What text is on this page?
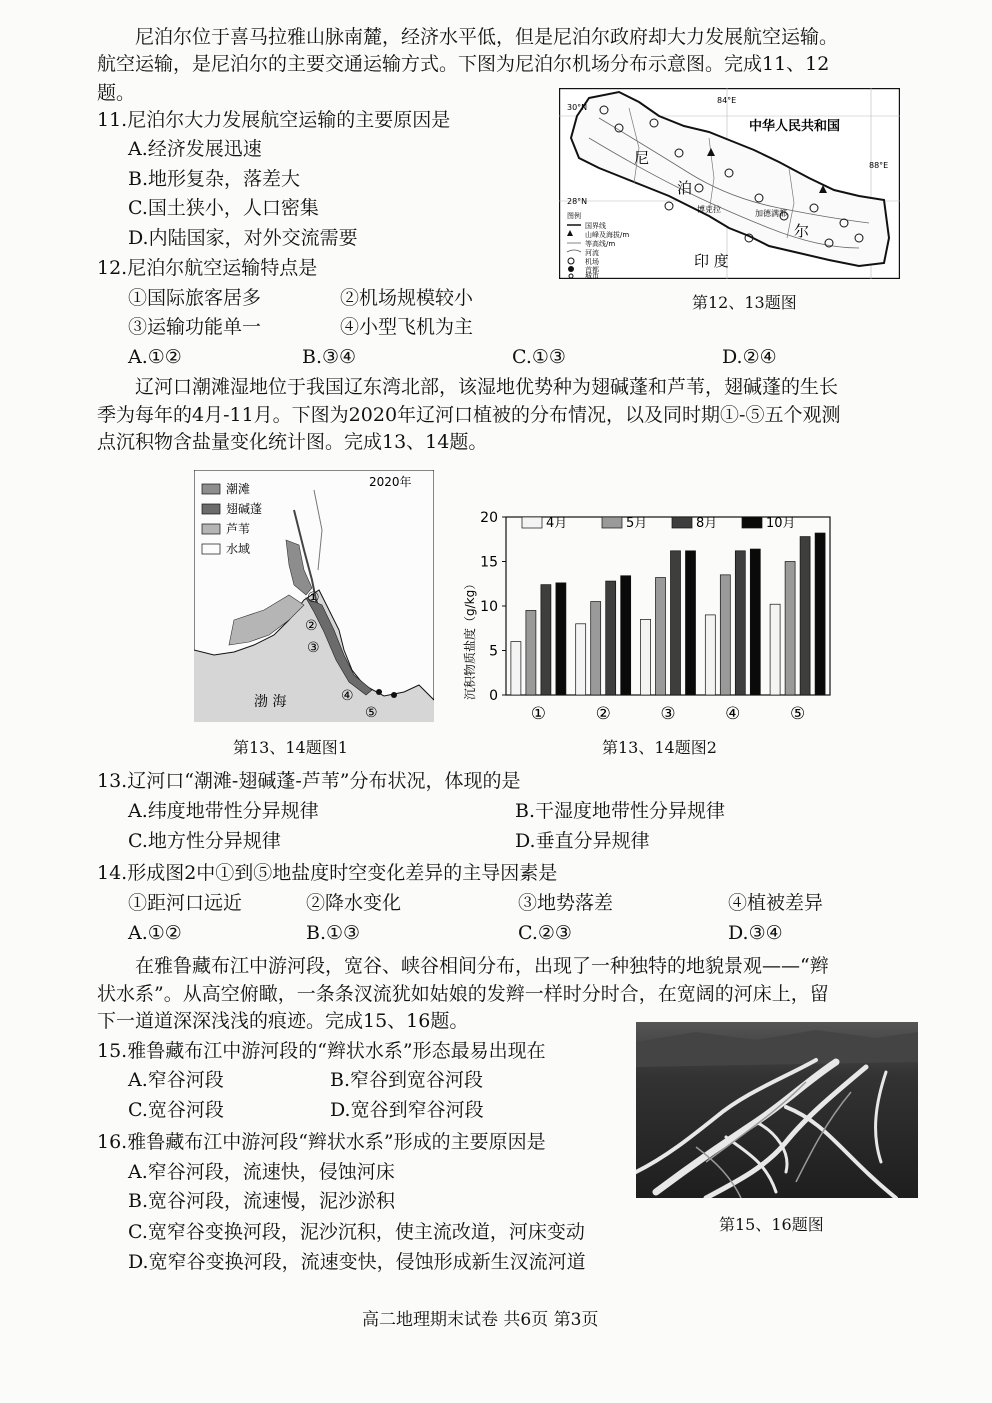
尼泊尔位于喜马拉雅山脉南麓，经济水平低，但是尼泊尔政府却大力发展航空运输。
航空运输，是尼泊尔的主要交通运输方式。下图为尼泊尔机场分布示意图。完成11、12
题。
11.尼泊尔大力发展航空运输的主要原因是
A.经济发展迅速
B.地形复杂，落差大
C.国土狭小，人口密集
D.内陆国家，对外交流需要
12.尼泊尔航空运输特点是
①国际旅客居多	②机场规模较小
③运输功能单一	④小型飞机为主
A.①②	B.③④	C.①③	D.②④
30°N
28°N
84°E
88°E
中华人民共和国
尼
泊
尔
印 度
加德满都
博克拉
图例
国界线
山峰及海拔/m
等高线/m
河流
机场
首都
城市
第12、13题图
辽河口潮滩湿地位于我国辽东湾北部，该湿地优势种为翅碱蓬和芦苇，翅碱蓬的生长
季为每年的4月-11月。下图为2020年辽河口植被的分布情况，以及同时期①-⑤五个观测
点沉积物含盐量变化统计图。完成13、14题。
潮滩
翅碱蓬
芦苇
水域
2020年
渤 海
①
②
③
④
⑤
第13、14题图1
0
5
10
15
20
①	②	③	④	⑤
4月	5月	8月	10月
沉积物质盐度（g/kg）
第13、14题图2
13.辽河口“潮滩-翅碱蓬-芦苇”分布状况，体现的是
A.纬度地带性分异规律	B.干湿度地带性分异规律
C.地方性分异规律	D.垂直分异规律
14.形成图2中①到⑤地盐度时空变化差异的主导因素是
①距河口远近	②降水变化	③地势落差	④植被差异
A.①②	B.①③	C.②③	D.③④
在雅鲁藏布江中游河段，宽谷、峡谷相间分布，出现了一种独特的地貌景观——“辫
状水系”。从高空俯瞰，一条条汊流犹如姑娘的发辫一样时分时合，在宽阔的河床上，留
下一道道深深浅浅的痕迹。完成15、16题。
15.雅鲁藏布江中游河段的“辫状水系”形态最易出现在
A.窄谷河段	B.窄谷到宽谷河段
C.宽谷河段	D.宽谷到窄谷河段
16.雅鲁藏布江中游河段“辫状水系”形成的主要原因是
A.窄谷河段，流速快，侵蚀河床
B.宽谷河段，流速慢，泥沙淤积
C.宽窄谷变换河段，泥沙沉积，使主流改道，河床变动
D.宽窄谷变换河段，流速变快，侵蚀形成新生汊流河道
第15、16题图
高二地理期末试卷 共6页 第3页
